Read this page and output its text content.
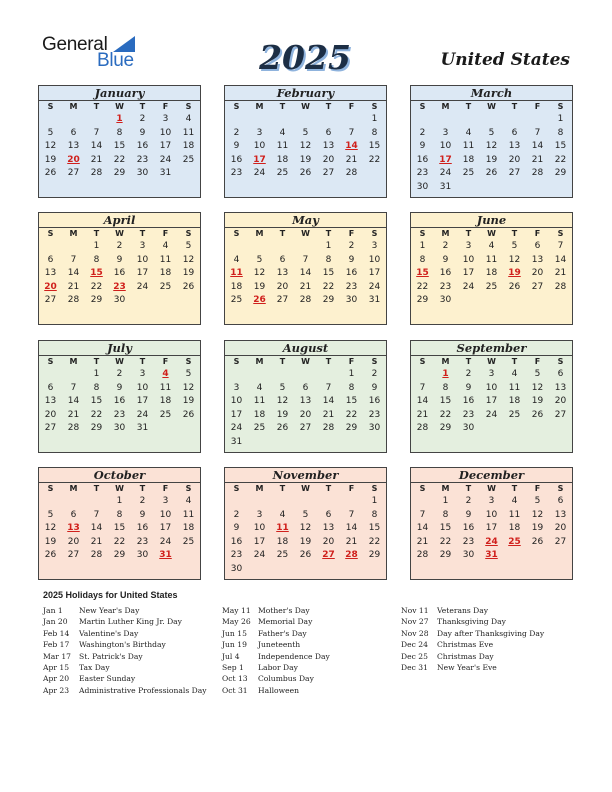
General
Blue	2025	United States
January
S	M	T	W	T	F	S
			1	2	3	4
5	6	7	8	9	10	11
12	13	14	15	16	17	18
19	20	21	22	23	24	25
26	27	28	29	30	31	
February
S	M	T	W	T	F	S
						1
2	3	4	5	6	7	8
9	10	11	12	13	14	15
16	17	18	19	20	21	22
23	24	25	26	27	28	
March
S	M	T	W	T	F	S
						1
2	3	4	5	6	7	8
9	10	11	12	13	14	15
16	17	18	19	20	21	22
23	24	25	26	27	28	29
30	31					
April
S	M	T	W	T	F	S
		1	2	3	4	5
6	7	8	9	10	11	12
13	14	15	16	17	18	19
20	21	22	23	24	25	26
27	28	29	30			
May
S	M	T	W	T	F	S
				1	2	3
4	5	6	7	8	9	10
11	12	13	14	15	16	17
18	19	20	21	22	23	24
25	26	27	28	29	30	31
June
S	M	T	W	T	F	S
1	2	3	4	5	6	7
8	9	10	11	12	13	14
15	16	17	18	19	20	21
22	23	24	25	26	27	28
29	30					
July
S	M	T	W	T	F	S
		1	2	3	4	5
6	7	8	9	10	11	12
13	14	15	16	17	18	19
20	21	22	23	24	25	26
27	28	29	30	31		
August
S	M	T	W	T	F	S
					1	2
3	4	5	6	7	8	9
10	11	12	13	14	15	16
17	18	19	20	21	22	23
24	25	26	27	28	29	30
31						
September
S	M	T	W	T	F	S
	1	2	3	4	5	6
7	8	9	10	11	12	13
14	15	16	17	18	19	20
21	22	23	24	25	26	27
28	29	30				
October
S	M	T	W	T	F	S
			1	2	3	4
5	6	7	8	9	10	11
12	13	14	15	16	17	18
19	20	21	22	23	24	25
26	27	28	29	30	31	
November
S	M	T	W	T	F	S
						1
2	3	4	5	6	7	8
9	10	11	12	13	14	15
16	17	18	19	20	21	22
23	24	25	26	27	28	29
30						
December
S	M	T	W	T	F	S
	1	2	3	4	5	6
7	8	9	10	11	12	13
14	15	16	17	18	19	20
21	22	23	24	25	26	27
28	29	30	31			
2025 Holidays for United States
Jan 1 New Year's Day
Jan 20 Martin Luther King Jr. Day
Feb 14 Valentine's Day
Feb 17 Washington's Birthday
Mar 17 St. Patrick's Day
Apr 15 Tax Day
Apr 20 Easter Sunday
Apr 23 Administrative Professionals Day
May 11 Mother's Day
May 26 Memorial Day
Jun 15 Father's Day
Jun 19 Juneteenth
Jul 4 Independence Day
Sep 1 Labor Day
Oct 13 Columbus Day
Oct 31 Halloween
Nov 11 Veterans Day
Nov 27 Thanksgiving Day
Nov 28 Day after Thanksgiving Day
Dec 24 Christmas Eve
Dec 25 Christmas Day
Dec 31 New Year's Eve
